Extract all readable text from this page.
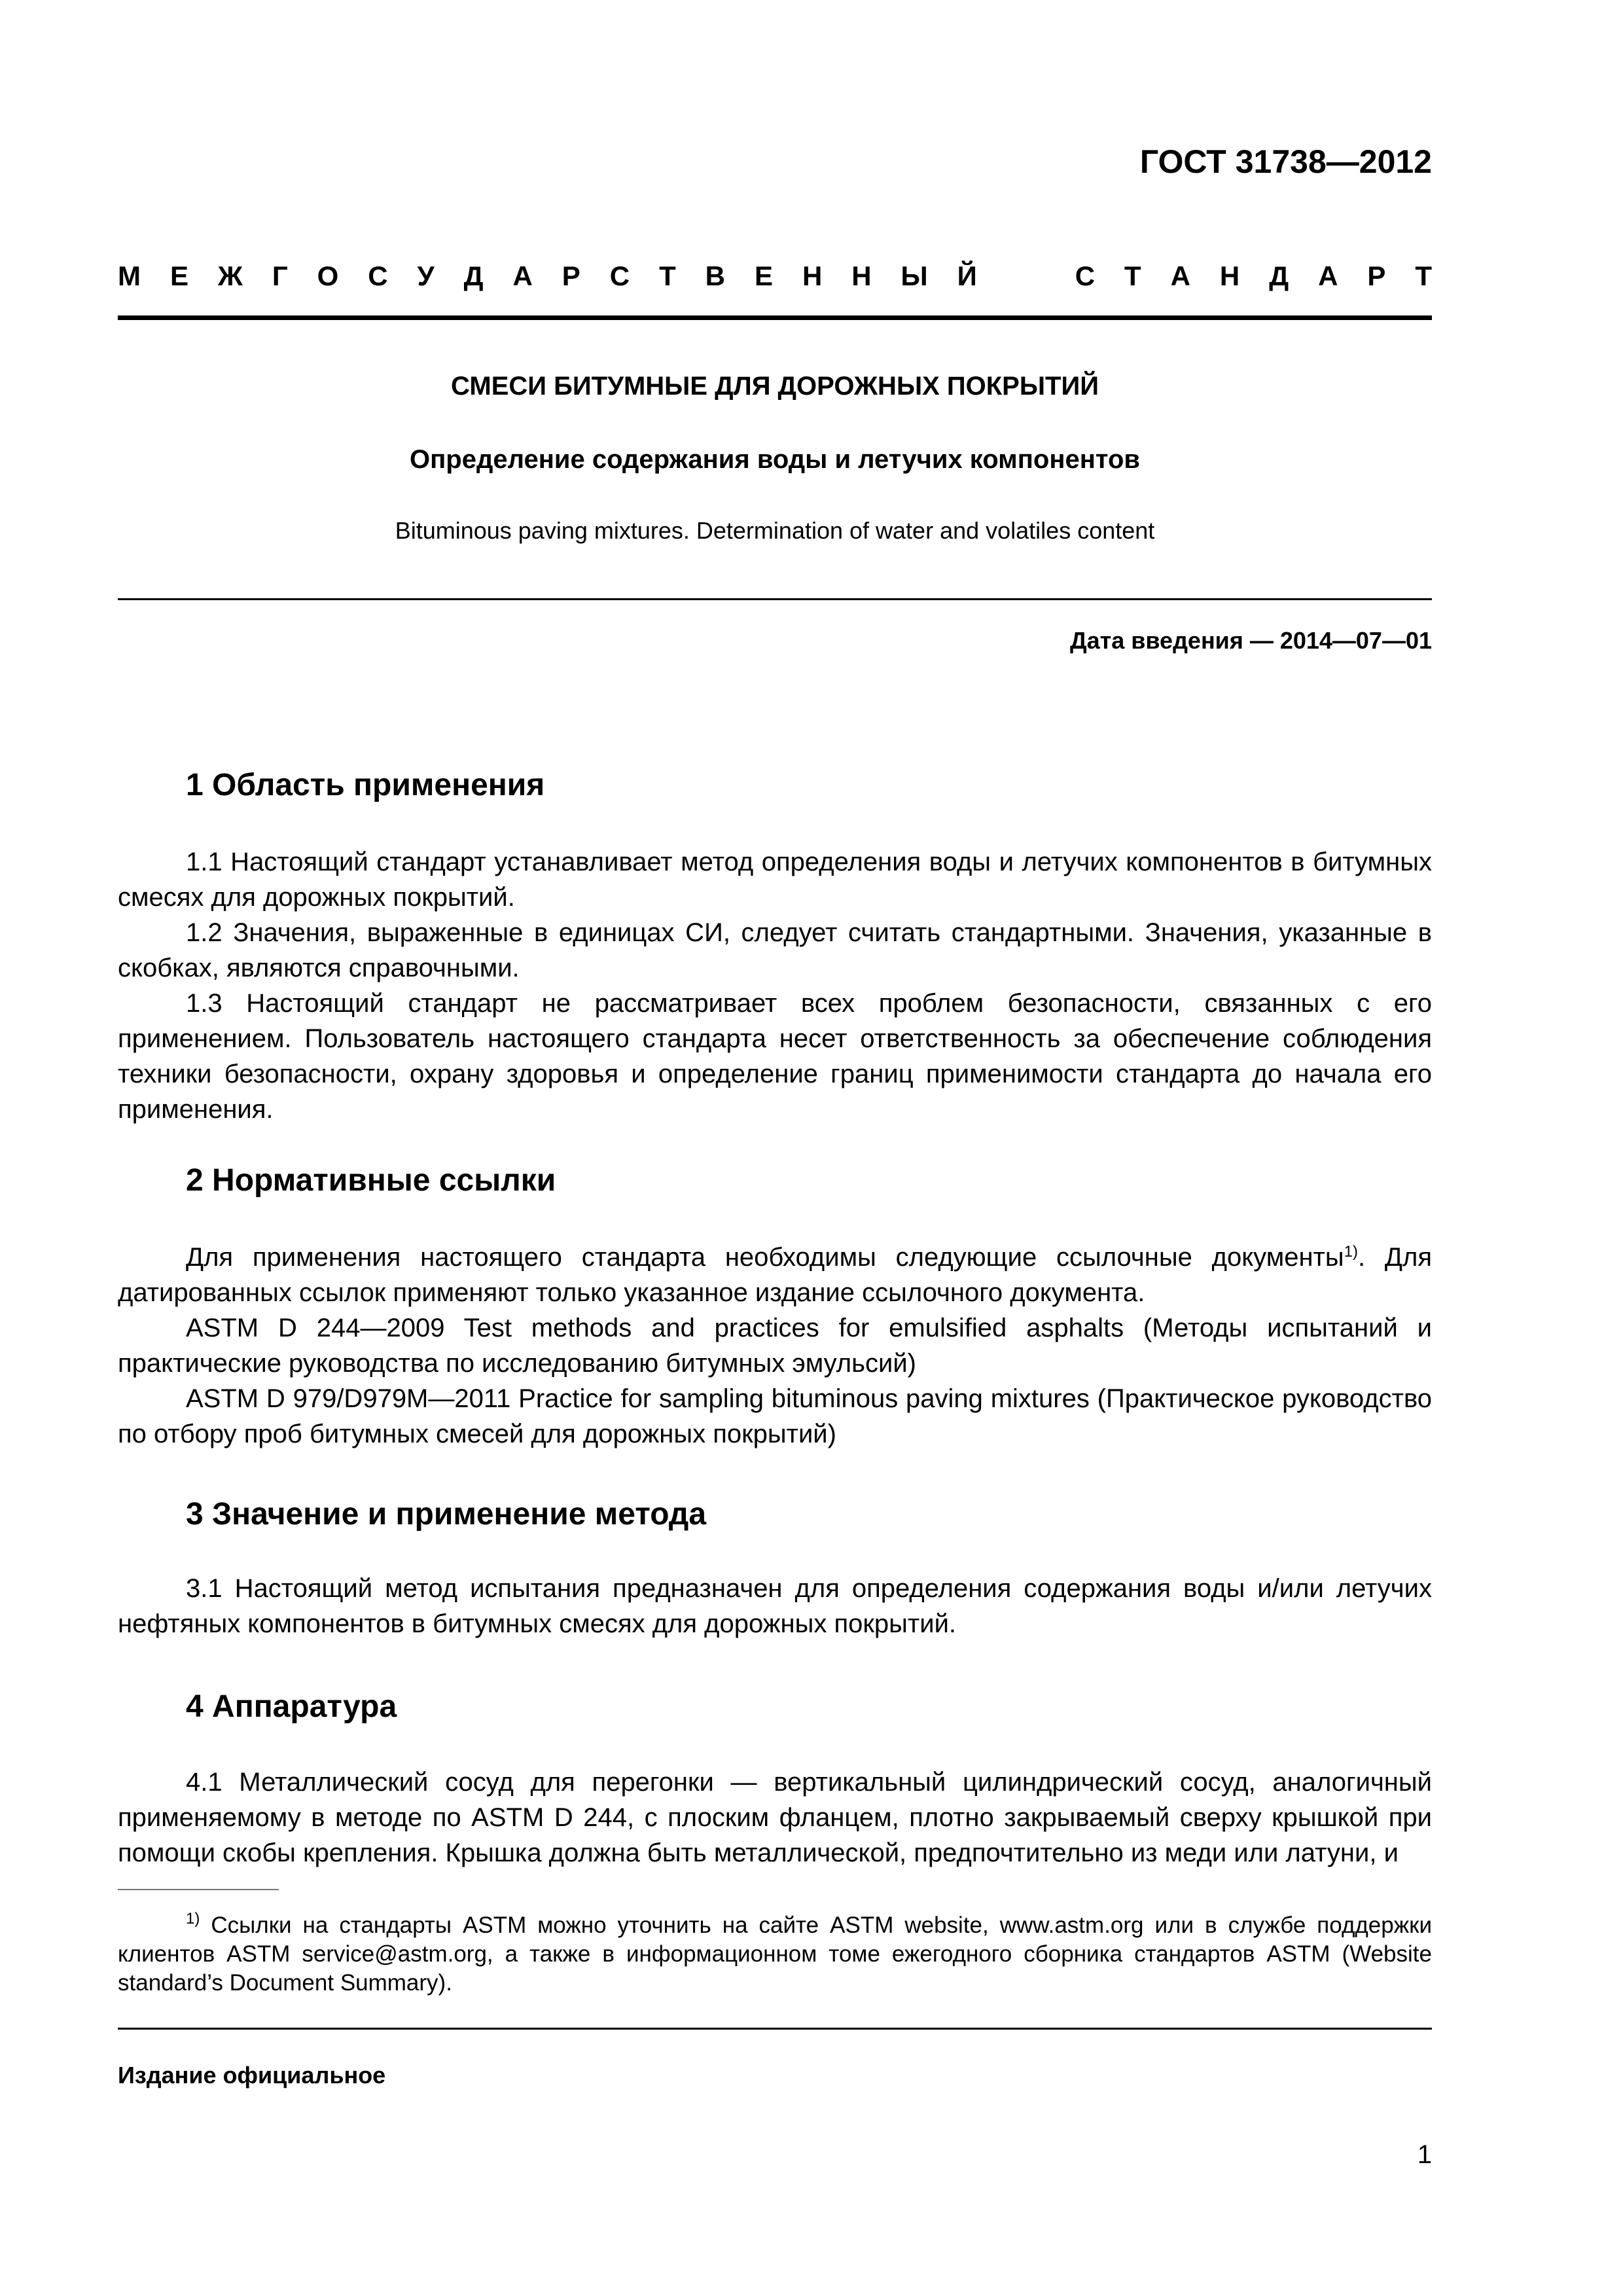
ГОСТ 31738—2012
М Е Ж Г О С У Д А Р С Т В Е Н Н Ы Й	С Т А Н Д А Р Т
СМЕСИ БИТУМНЫЕ ДЛЯ ДОРОЖНЫХ ПОКРЫТИЙ
Определение содержания воды и летучих компонентов
Bituminous paving mixtures. Determination of water and volatiles content
Дата введения — 2014—07—01
1 Область применения

1.1 Настоящий стандарт устанавливает метод определения воды и летучих компонентов в битумных смесях для дорожных покрытий.

1.2 Значения, выраженные в единицах СИ, следует считать стандартными. Значения, указанные в скобках, являются справочными.

1.3 Настоящий стандарт не рассматривает всех проблем безопасности, связанных с его применением. Пользователь настоящего стандарта несет ответственность за обеспечение соблюдения техники безопасности, охрану здоровья и определение границ применимости стандарта до начала его применения.

2 Нормативные ссылки

Для применения настоящего стандарта необходимы следующие ссылочные документы$^{1)}$. Для датированных ссылок применяют только указанное издание ссылочного документа.

ASTM D 244—2009 Test methods and practices for emulsified asphalts (Методы испытаний и практические руководства по исследованию битумных эмульсий)

ASTM D 979/D979M—2011 Practice for sampling bituminous paving mixtures (Практическое руководство по отбору проб битумных смесей для дорожных покрытий)

3 Значение и применение метода

3.1 Настоящий метод испытания предназначен для определения содержания воды и/или летучих нефтяных компонентов в битумных смесях для дорожных покрытий.

4 Аппаратура

4.1 Металлический сосуд для перегонки — вертикальный цилиндрический сосуд, аналогичный применяемому в методе по ASTM D 244, с плоским фланцем, плотно закрываемый сверху крышкой при помощи скобы крепления. Крышка должна быть металлической, предпочтительно из меди или латуни, и

$^{1)}$ Ссылки на стандарты ASTM можно уточнить на сайте ASTM website, www.astm.org или в службе поддержки клиентов ASTM service@astm.org, а также в информационном томе ежегодного сборника стандартов ASTM (Website standard’s Document Summary).

Издание официальное
1
